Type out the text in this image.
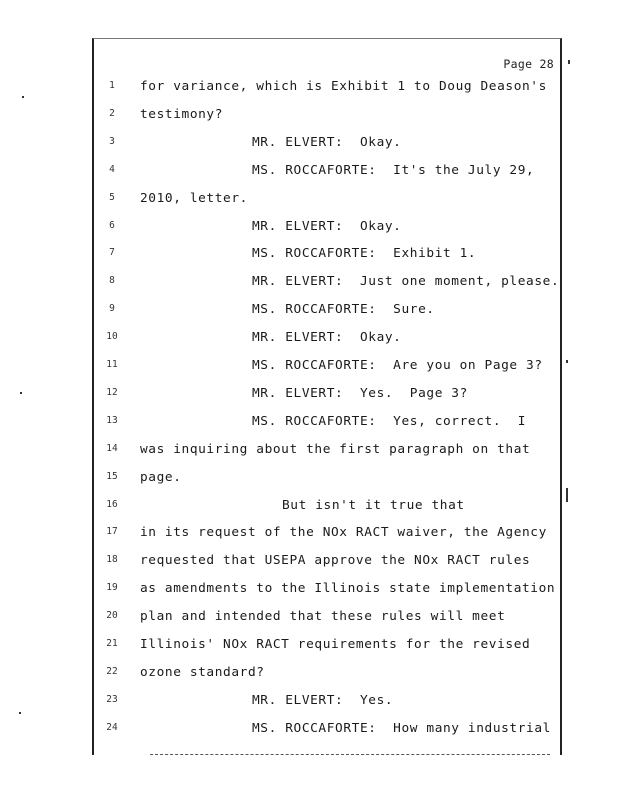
Page 28
1	for variance, which is Exhibit 1 to Doug Deason's
2	testimony?
3	MR. ELVERT:  Okay.
4	MS. ROCCAFORTE:  It's the July 29,
5	2010, letter.
6	MR. ELVERT:  Okay.
7	MS. ROCCAFORTE:  Exhibit 1.
8	MR. ELVERT:  Just one moment, please.
9	MS. ROCCAFORTE:  Sure.
10	MR. ELVERT:  Okay.
11	MS. ROCCAFORTE:  Are you on Page 3?
12	MR. ELVERT:  Yes.  Page 3?
13	MS. ROCCAFORTE:  Yes, correct.  I
14	was inquiring about the first paragraph on that
15	page.
16	But isn't it true that
17	in its request of the NOx RACT waiver, the Agency
18	requested that USEPA approve the NOx RACT rules
19	as amendments to the Illinois state implementation
20	plan and intended that these rules will meet
21	Illinois' NOx RACT requirements for the revised
22	ozone standard?
23	MR. ELVERT:  Yes.
24	MS. ROCCAFORTE:  How many industrial
